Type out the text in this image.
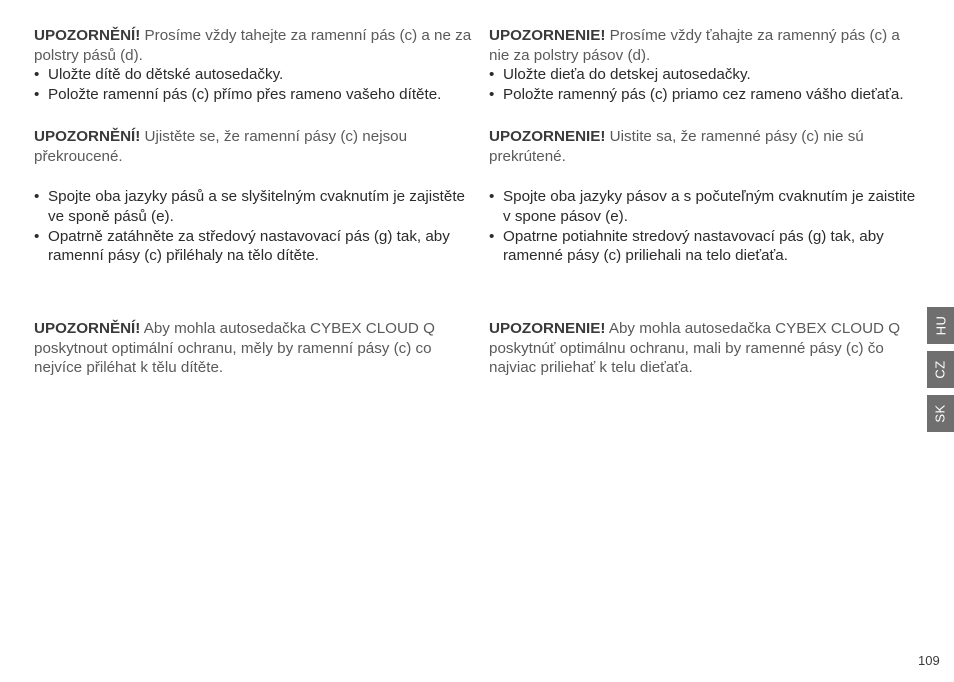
UPOZORNĚNÍ! Prosíme vždy tahejte za ramenní pás (c) a ne za polstry pásů (d).

• Uložte dítě do dětské autosedačky.
• Položte ramenní pás (c) přímo přes rameno vašeho dítěte.

UPOZORNĚNÍ! Ujistěte se, že ramenní pásy (c) nejsou překroucené.

• Spojte oba jazyky pásů a se slyšitelným cvaknutím je zajistěte ve sponě pásů (e).
• Opatrně zatáhněte za středový nastavovací pás (g) tak, aby ramenní pásy (c) přiléhaly na tělo dítěte.

UPOZORNĚNÍ! Aby mohla autosedačka CYBEX CLOUD Q poskytnout optimální ochranu, měly by ramenní pásy (c) co nejvíce přiléhat k tělu dítěte.

UPOZORNENIE! Prosíme vždy ťahajte za ramenný pás (c) a nie za polstry pásov (d).

• Uložte dieťa do detskej autosedačky.
• Položte ramenný pás (c) priamo cez rameno vášho dieťaťa.

UPOZORNENIE! Uistite sa, že ramenné pásy (c) nie sú prekrútené.

• Spojte oba jazyky pásov a s počuteľným cvaknutím je zaistite v spone pásov (e).
• Opatrne potiahnite stredový nastavovací pás (g) tak, aby ramenné pásy (c) priliehali na telo dieťaťa.

UPOZORNENIE! Aby mohla autosedačka CYBEX CLOUD Q poskytnúť optimálnu ochranu, mali by ramenné pásy (c) čo najviac priliehať k telu dieťaťa.

HU
CZ
SK
109
